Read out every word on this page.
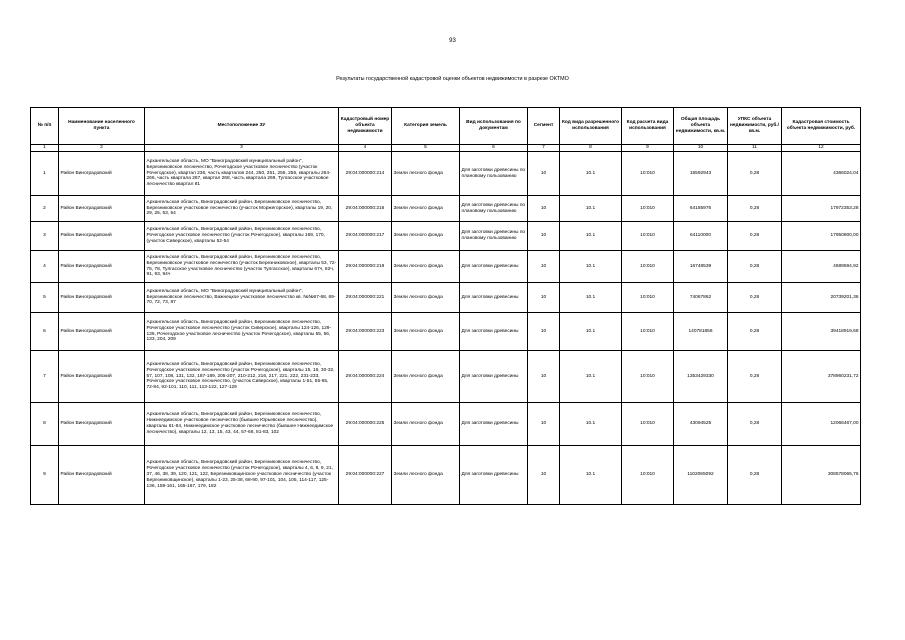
93
Результаты государственной кадастровой оценки объектов недвижимости в разрезе ОКТМО
№ п/п	Наименование населенного пункта	Местоположение ЗУ	Кадастровый номер объекта недвижимости	Категория земель	Вид использования по документам	Сегмент	Код вида разрешенного использования	Код расчета вида использования	Общая площадь объекта недвижимости, кв.м.	УПКС объекта недвижимости, руб./кв.м.	Кадастровая стоимость объекта недвижимости, руб.
1	2	3	4	5	6	7	8	9	10	11	12
1	Район Виноградовский	Архангельская область, МО "Виноградовский муниципальный район", Березниковское лесничество, Рочегодское участковое лесничество (участок Рочегодское), квартал 236, часть кварталов 244, 250, 251, 255, 256, кварталы 264-266, часть квартала 267, квартал 268, часть квартала 269, Тулгасское участковое лесничество квартал 81	29:04:000000:214	Земли лесного фонда	Для заготовки древесины по плановому пользованию	10	10.1	10:010	15592943	0,28	4366024,04
2	Район Виноградовский	Архангельская область, Виноградовский район, Березниковское лесничество, Березниковское участковое лесничество (участок Моржегорское), кварталы 19, 20, 29, 25, 53, 54	29:04:000000:216	Земли лесного фонда	Для заготовки древесины по плановому пользованию	10	10.1	10:010	64185976	0,28	17972353,28
3	Район Виноградовский	Архангельская область, Виноградовский район, Березниковское лесничество, Рочегодское участковое лесничество (участок Рочегодское), кварталы 169, 170, (участок Сиверское), кварталы 52-54	29:04:000000:217	Земли лесного фонда	Для заготовки древесины по плановому пользованию	10	10.1	10:010	64110000	0,28	17950800,00
4	Район Виноградовский	Архангельская область, Виноградовский район, Березниковское лесничество, Березниковское участковое лесничество (участок Березниковское), кварталы 53, 72-75, 78, Тулгасское участковое лесничество (участок Тулгасское), кварталы 67ч, 82ч, 91, 93, 94ч	29:04:000000:219	Земли лесного фонда	Для заготовки древесины	10	10.1	10:010	16748539	0,28	4689594,92
5	Район Виноградовский	Архангельская область, МО "Виноградовский муниципальный район", Березниковское лесничество, Важнецкое участковое лесничество кв. №№67-68, 69-70, 72, 73, 87	29:04:000000:221	Земли лесного фонда	Для заготовки древесины	10	10.1	10:010	74067862	0,28	20739201,36
6	Район Виноградовский	Архангельская область, Виноградовский район, Березниковское лесничество, Рочегодское участковое лесничество (участок Сиверское), кварталы 124-126, 129-136, Рочегодское участковое лесничество (участок Рочегодское), кварталы 55, 56, 133, 204, 209	29:04:000000:223	Земли лесного фонда	Для заготовки древесины	10	10.1	10:010	140781856	0,28	39418919,68
7	Район Виноградовский	Архангельская область, Виноградовский район, Березниковское лесничество, Рочегодское участковое лесничество (участок Рочегодское), кварталы 15, 16, 30-32, 57, 107, 108, 131, 132, 187-189, 205-207, 210-212, 216, 217, 221, 222, 231-233, Рочегодское участковое лесничество, (участок Сиверское), кварталы 1-51, 55-65, 72-84, 92-101, 110, 111, 113-122, 127-129	29:04:000000:224	Земли лесного фонда	Для заготовки древесины	10	10.1	10:010	1353429330	0,28	378960231,72
8	Район Виноградовский	Архангельская область, Виноградовский район, Березниковское лесничество, Нижнеедимское участковое лесничество (бывшее Юрьевское лесничество), кварталы 61-84, Нижнеедимское участковое лесничество (бывшее Нижнеедимское лесничество), кварталы 12, 13, 15, 43, 44, 57-66, 81-83, 102	29:04:000000:225	Земли лесного фонда	Для заготовки древесины	10	10.1	10:010	43094525	0,28	12066467,00
9	Район Виноградовский	Архангельская область, Виноградовский район, Березниковское лесничество, Рочегодское участковое лесничество (участок Рочегодское), кварталы 4, 6, 8, 9, 21, 37, 46, 38, 39, 120, 121, 122, Березниковщинское участковое лесничество (участок Березниковщинское), кварталы 1-23, 25-38, 68-90, 97-101, 104, 105, 114-117, 125-136, 159-161, 165-167, 179, 182	29:04:000000:227	Земли лесного фонда	Для заготовки древесины	10	10.1	10:010	1102065092	0,28	308578065,76
